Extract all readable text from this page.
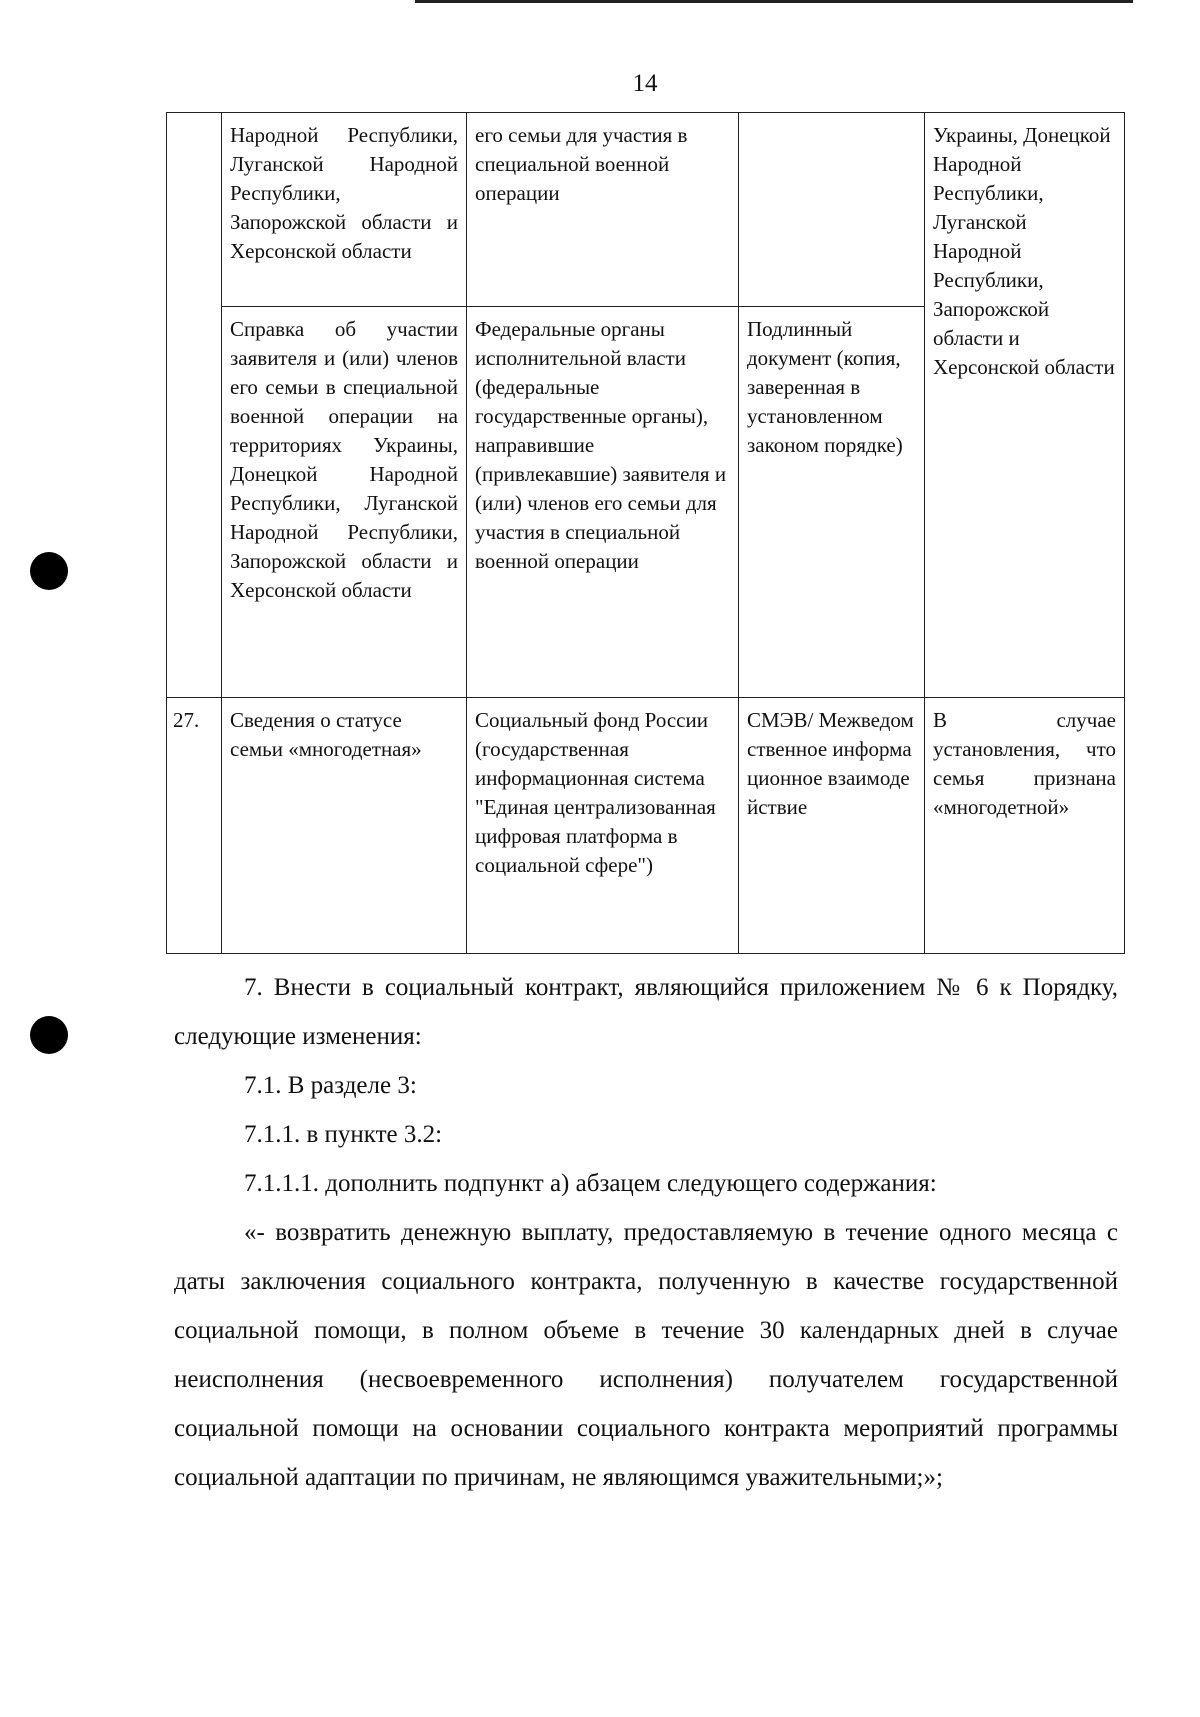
14
	Народной Республики, Луганской Народной Республики, Запорожской области и Херсонской области	его семьи для участия в специальной военной операции		Украины, Донецкой Народной Республики, Луганской Народной Республики, Запорожской области и Херсонской области
	Справка об участии заявителя и (или) членов его семьи в специальной военной операции на территориях Украины, Донецкой Народной Республики, Луганской Народной Республики, Запорожской области и Херсонской области	Федеральные органы исполнительной власти (федеральные государственные органы), направившие (привлекавшие) заявителя и (или) членов его семьи для участия в специальной военной операции	Подлинный документ (копия, заверенная в установленном законом порядке)	
27.	Сведения о статусе семьи «многодетная»	Социальный фонд России (государственная информационная система "Единая централизованная цифровая платформа в социальной сфере")	СМЭВ/ Межведомственное информационное взаимодействие	В случае установления, что семья признана «многодетной»

7. Внести в социальный контракт, являющийся приложением № 6 к Порядку, следующие изменения:

7.1. В разделе 3:

7.1.1. в пункте 3.2:

7.1.1.1. дополнить подпункт а) абзацем следующего содержания:

«- возвратить денежную выплату, предоставляемую в течение одного месяца с даты заключения социального контракта, полученную в качестве государственной социальной помощи, в полном объеме в течение 30 календарных дней в случае неисполнения (несвоевременного исполнения) получателем государственной социальной помощи на основании социального контракта мероприятий программы социальной адаптации по причинам, не являющимся уважительными;»;
